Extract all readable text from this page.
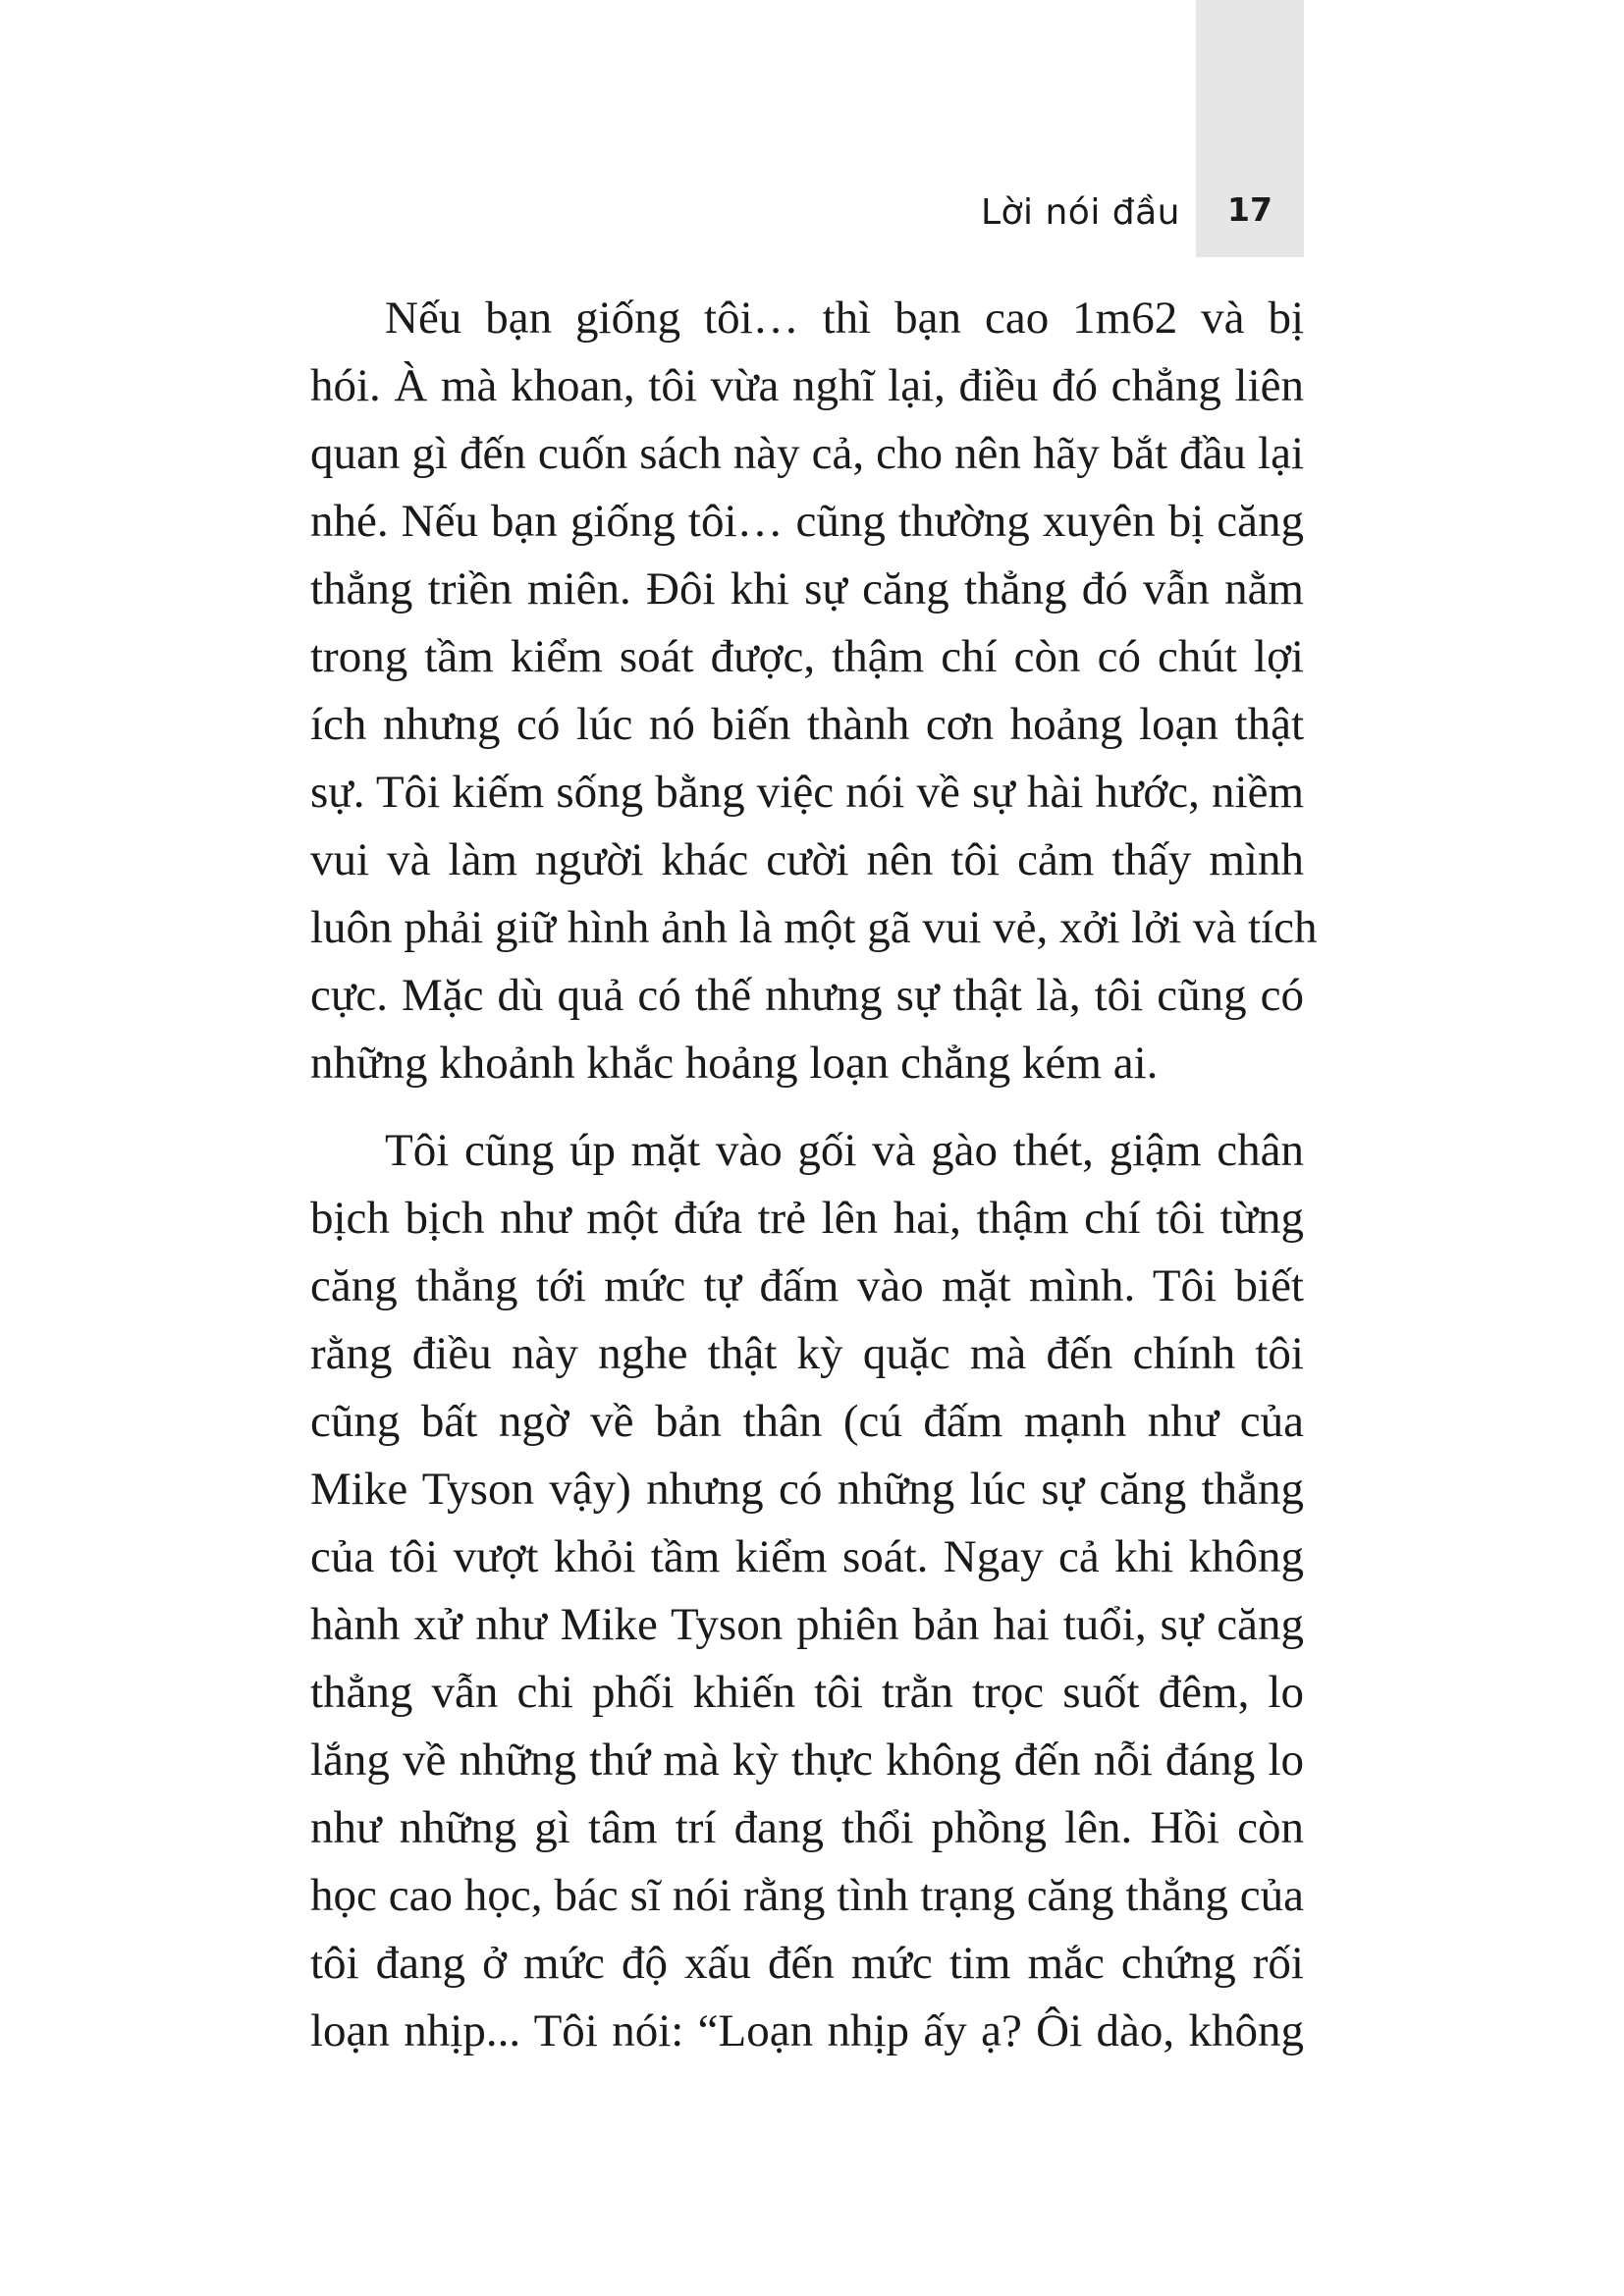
Lời nói đầu	17
Nếu bạn giống tôi… thì bạn cao 1m62 và bị
hói. À mà khoan, tôi vừa nghĩ lại, điều đó chẳng liên
quan gì đến cuốn sách này cả, cho nên hãy bắt đầu lại
nhé. Nếu bạn giống tôi… cũng thường xuyên bị căng
thẳng triền miên. Đôi khi sự căng thẳng đó vẫn nằm
trong tầm kiểm soát được, thậm chí còn có chút lợi
ích nhưng có lúc nó biến thành cơn hoảng loạn thật
sự. Tôi kiếm sống bằng việc nói về sự hài hước, niềm
vui và làm người khác cười nên tôi cảm thấy mình
luôn phải giữ hình ảnh là một gã vui vẻ, xởi lởi và tích
cực. Mặc dù quả có thế nhưng sự thật là, tôi cũng có
những khoảnh khắc hoảng loạn chẳng kém ai.
Tôi cũng úp mặt vào gối và gào thét, giậm chân
bịch bịch như một đứa trẻ lên hai, thậm chí tôi từng
căng thẳng tới mức tự đấm vào mặt mình. Tôi biết
rằng điều này nghe thật kỳ quặc mà đến chính tôi
cũng bất ngờ về bản thân (cú đấm mạnh như của
Mike Tyson vậy) nhưng có những lúc sự căng thẳng
của tôi vượt khỏi tầm kiểm soát. Ngay cả khi không
hành xử như Mike Tyson phiên bản hai tuổi, sự căng
thẳng vẫn chi phối khiến tôi trằn trọc suốt đêm, lo
lắng về những thứ mà kỳ thực không đến nỗi đáng lo
như những gì tâm trí đang thổi phồng lên. Hồi còn
học cao học, bác sĩ nói rằng tình trạng căng thẳng của
tôi đang ở mức độ xấu đến mức tim mắc chứng rối
loạn nhịp... Tôi nói: “Loạn nhịp ấy ạ? Ôi dào, không
